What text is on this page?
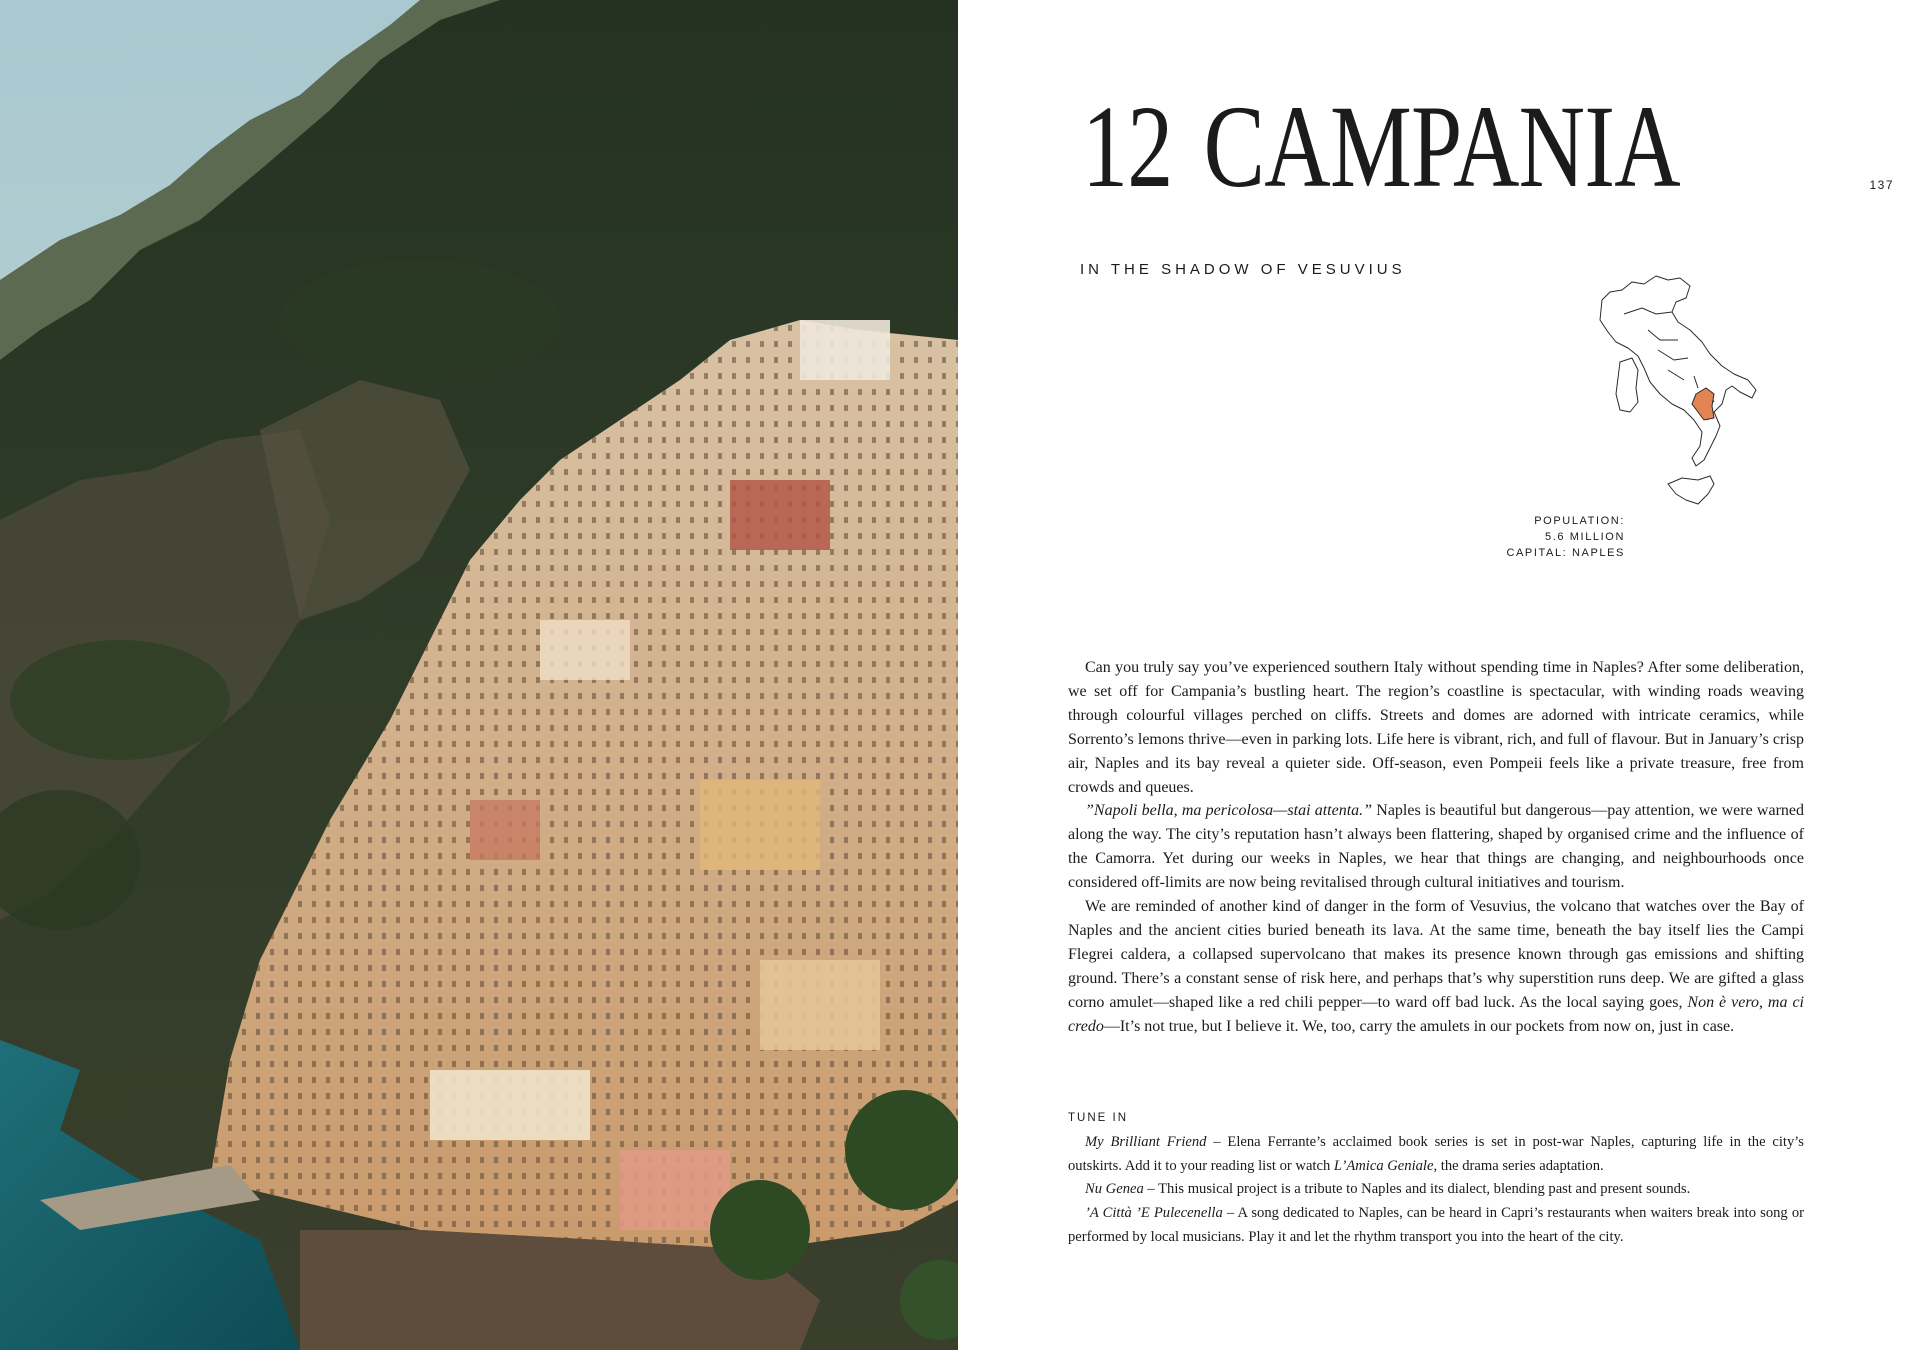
12 CAMPANIA	137
IN THE SHADOW OF VESUVIUS
POPULATION:
5.6 MILLION
CAPITAL: NAPLES

Can you truly say you’ve experienced southern Italy without spending time in Naples? After some deliberation, we set off for Campania’s bustling heart. The region’s coastline is spectacular, with winding roads weaving through colourful villages perched on cliffs. Streets and domes are adorned with intricate ceramics, while Sorrento’s lemons thrive—even in parking lots. Life here is vibrant, rich, and full of flavour. But in January’s crisp air, Naples and its bay reveal a quieter side. Off-season, even Pompeii feels like a private treasure, free from crowds and queues.

”Napoli bella, ma pericolosa—stai attenta.” Naples is beautiful but dangerous—pay attention, we were warned along the way. The city’s reputation hasn’t always been flattering, shaped by organised crime and the influence of the Camorra. Yet during our weeks in Naples, we hear that things are changing, and neighbourhoods once considered off-limits are now being revitalised through cultural initiatives and tourism.

We are reminded of another kind of danger in the form of Vesuvius, the volcano that watches over the Bay of Naples and the ancient cities buried beneath its lava. At the same time, beneath the bay itself lies the Campi Flegrei caldera, a collapsed supervolcano that makes its presence known through gas emissions and shifting ground. There’s a constant sense of risk here, and perhaps that’s why superstition runs deep. We are gifted a glass corno amulet—shaped like a red chili pepper—to ward off bad luck. As the local saying goes, Non è vero, ma ci credo—It’s not true, but I believe it. We, too, carry the amulets in our pockets from now on, just in case.

TUNE IN

My Brilliant Friend – Elena Ferrante’s acclaimed book series is set in post-war Naples, capturing life in the city’s outskirts. Add it to your reading list or watch L’Amica Geniale, the drama series adaptation.

Nu Genea – This musical project is a tribute to Naples and its dialect, blending past and present sounds.

’A Città ’E Pulecenella – A song dedicated to Naples, can be heard in Capri’s restaurants when waiters break into song or performed by local musicians. Play it and let the rhythm transport you into the heart of the city.
